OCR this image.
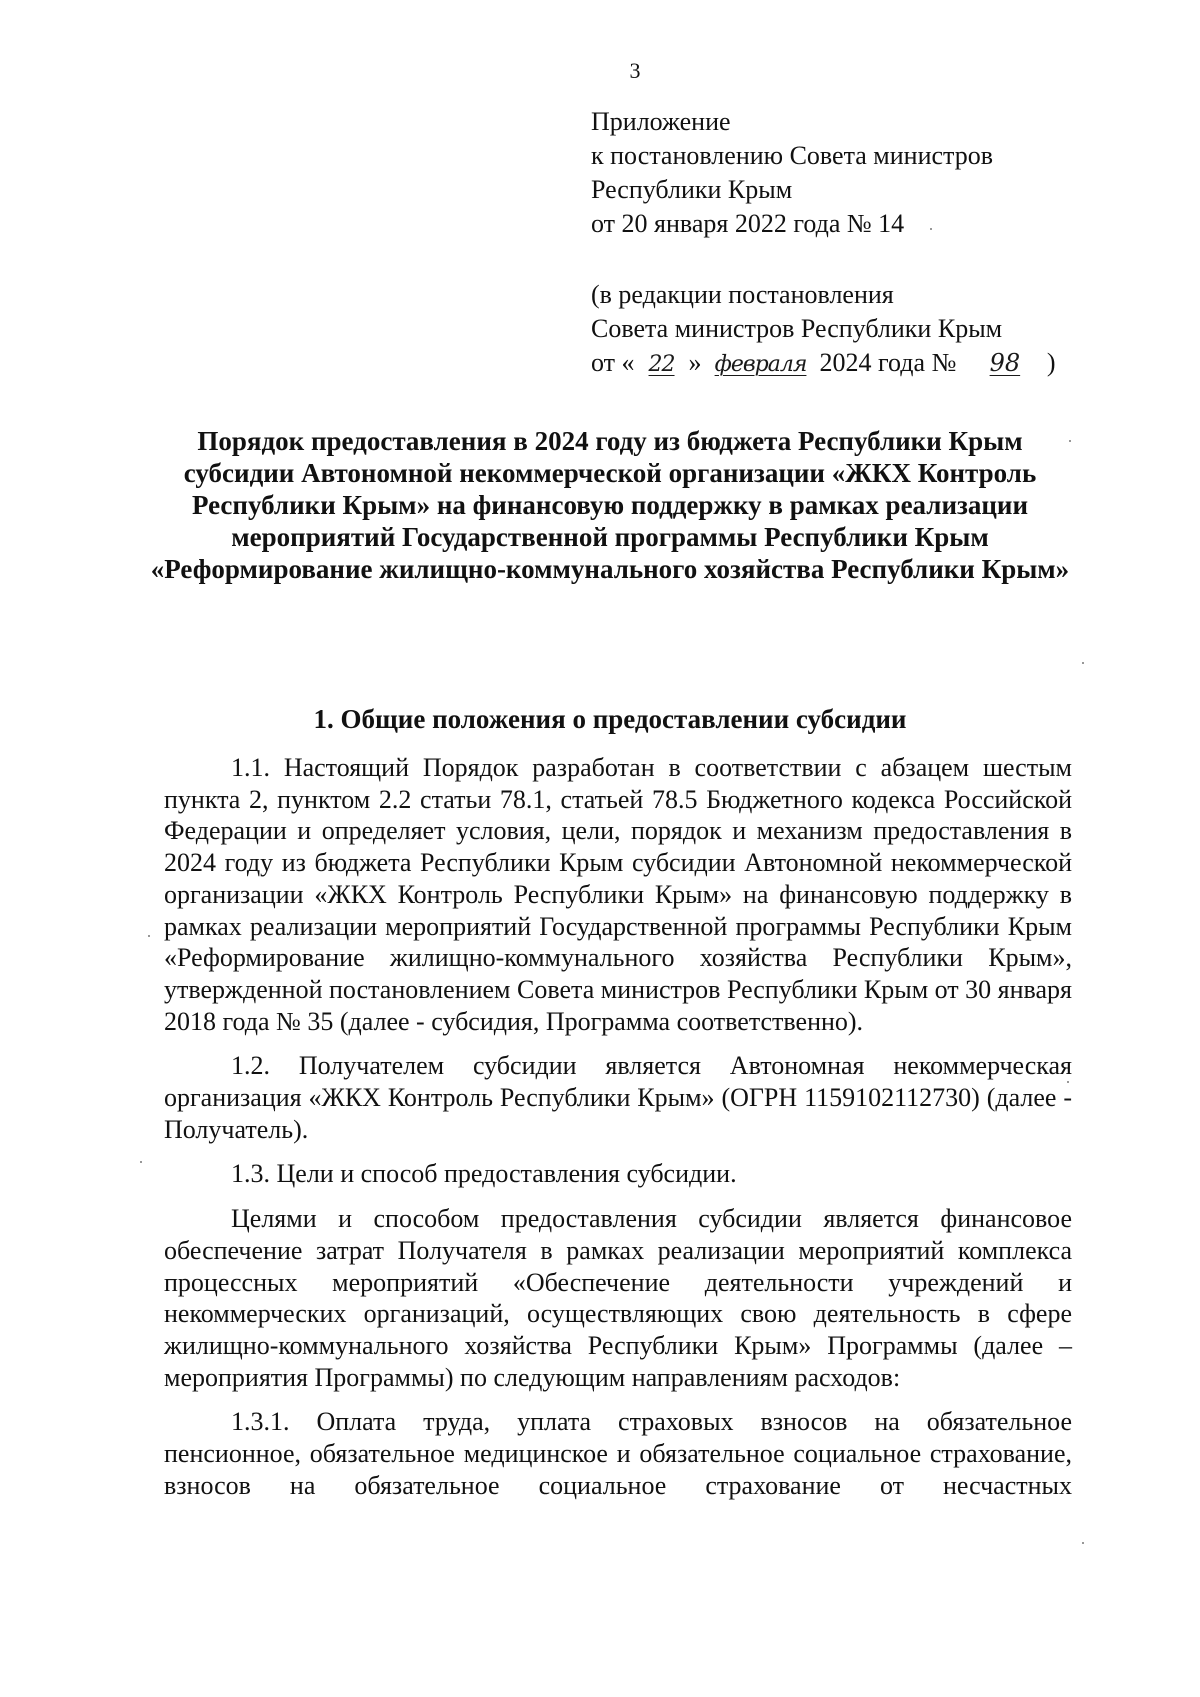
3
Приложение
к постановлению Совета министров
Республики Крым
от 20 января 2022 года № 14
(в редакции постановления
Совета министров Республики Крым
от « 22 » февраля 2024 года № 98 )
Порядок предоставления в 2024 году из бюджета Республики Крым субсидии Автономной некоммерческой организации «ЖКХ Контроль Республики Крым» на финансовую поддержку в рамках реализации мероприятий Государственной программы Республики Крым «Реформирование жилищно-коммунального хозяйства Республики Крым»
1. Общие положения о предоставлении субсидии

1.1. Настоящий Порядок разработан в соответствии с абзацем шестым пункта 2, пунктом 2.2 статьи 78.1, статьей 78.5 Бюджетного кодекса Российской Федерации и определяет условия, цели, порядок и механизм предоставления в 2024 году из бюджета Республики Крым субсидии Автономной некоммерческой организации «ЖКХ Контроль Республики Крым» на финансовую поддержку в рамках реализации мероприятий Государственной программы Республики Крым «Реформирование жилищно-коммунального хозяйства Республики Крым», утвержденной постановлением Совета министров Республики Крым от 30 января 2018 года № 35 (далее - субсидия, Программа соответственно).

1.2. Получателем субсидии является Автономная некоммерческая организация «ЖКХ Контроль Республики Крым» (ОГРН 1159102112730) (далее - Получатель).

1.3. Цели и способ предоставления субсидии.

Целями и способом предоставления субсидии является финансовое обеспечение затрат Получателя в рамках реализации мероприятий комплекса процессных мероприятий «Обеспечение деятельности учреждений и некоммерческих организаций, осуществляющих свою деятельность в сфере жилищно-коммунального хозяйства Республики Крым» Программы (далее – мероприятия Программы) по следующим направлениям расходов:

1.3.1. Оплата труда, уплата страховых взносов на обязательное пенсионное, обязательное медицинское и обязательное социальное страхование, взносов на обязательное социальное страхование от несчастных
